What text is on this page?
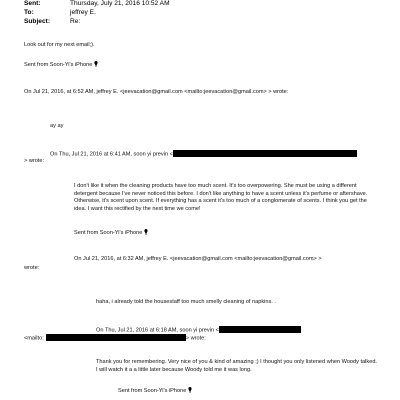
Sent:	Thursday, July 21, 2016 10:52 AM
To:	jeffrey E.
Subject:	Re:
Look out for my next email;).
Sent from Soon-Yi's iPhone
On Jul 21, 2016, at 6:52 AM, jeffrey E. <jeevacation@gmail.com <mailto:jeevacation@gmail.com> > wrote:
ay ay
On Thu, Jul 21, 2016 at 6:41 AM, soon yi previn <
> wrote:
I don't like it when the cleaning products have too much scent. It's too overpowering. She must be using a different detergent because I've never noticed this before. I don't like anything to have a scent unless it's perfume or aftershave. Otherwise, it's scent upon scent. If everything has a scent it's too much of a conglomerate of scents. I think you get the idea. I want this rectified by the next time we come!
Sent from Soon-Yi's iPhone
On Jul 21, 2016, at 6:32 AM, jeffrey E. <jeevacation@gmail.com <mailto:jeevacation@gmail.com> >
wrote:
haha, i already told the housestaff too much smelly cleaning of napkins. .
On Thu, Jul 21, 2016 at 6:18 AM, soon yi previn <
<mailto:	> wrote:
Thank you for remembering. Very nice of you & kind of amazing ;) I thought you only listened when Woody talked. I will watch it a a little later because Woody told me it was long.
Sent from Soon-Yi's iPhone
